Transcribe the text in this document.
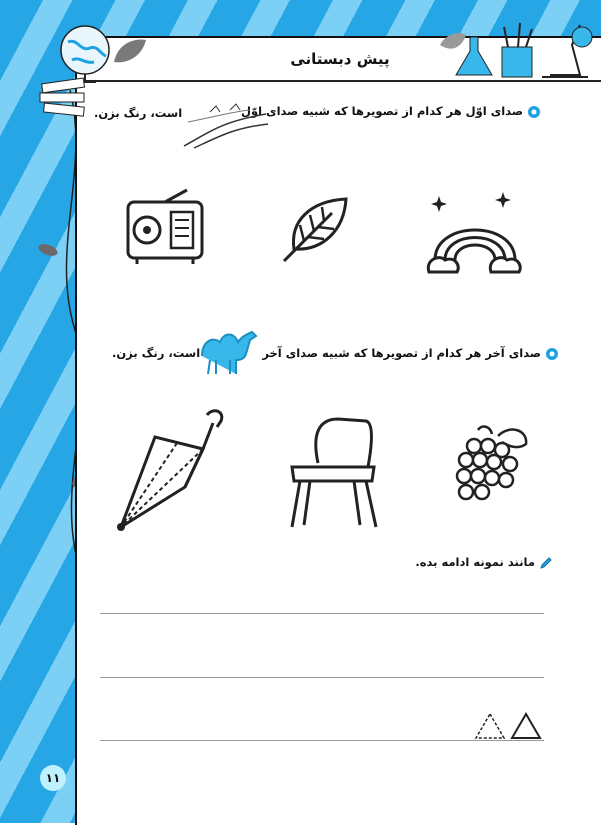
پیش دبستانی
صدای اوّل هر کدام از تصویرها که شبیه صدای اوّل
است، رنگ بزن.
صدای آخر هر کدام از تصویرها که شبیه صدای آخر
است، رنگ بزن.
مانند نمونه ادامه بده.
۱۱
